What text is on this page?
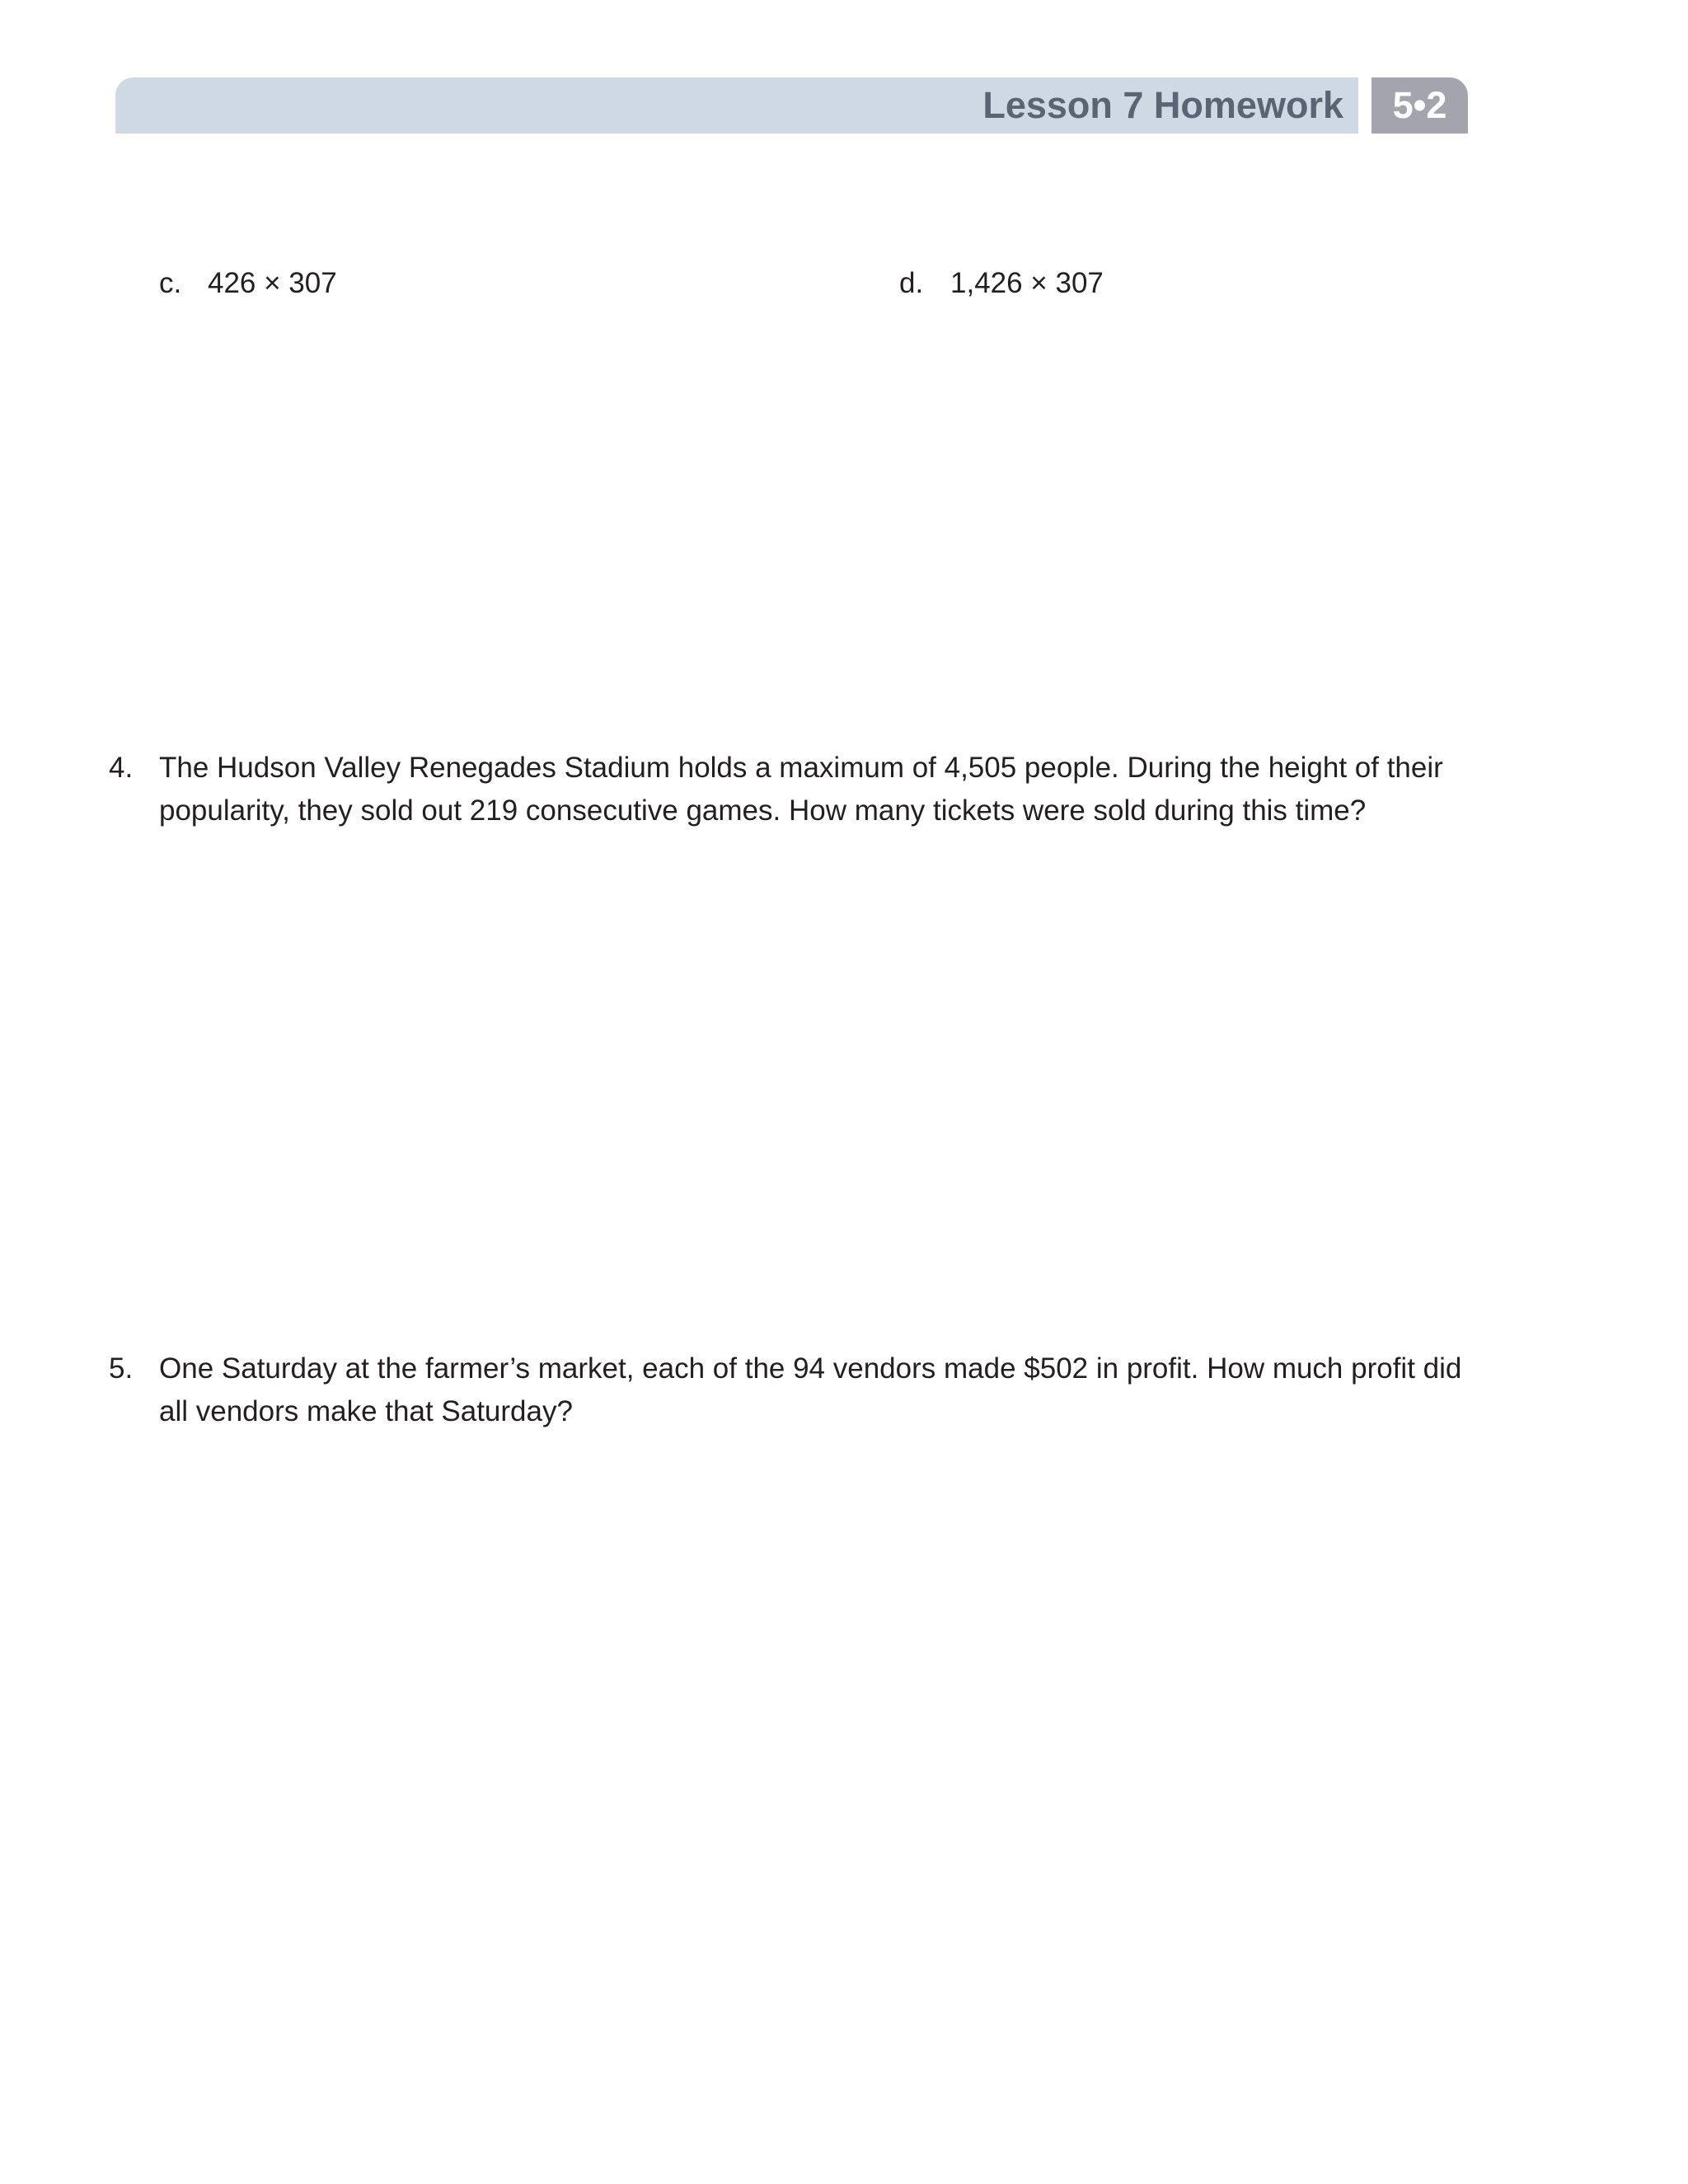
Lesson 7 Homework	5•2
c. 426 × 307	d. 1,426 × 307
4. The Hudson Valley Renegades Stadium holds a maximum of 4,505 people. During the height of their
popularity, they sold out 219 consecutive games. How many tickets were sold during this time?
5. One Saturday at the farmer’s market, each of the 94 vendors made $502 in profit. How much profit did
all vendors make that Saturday?
